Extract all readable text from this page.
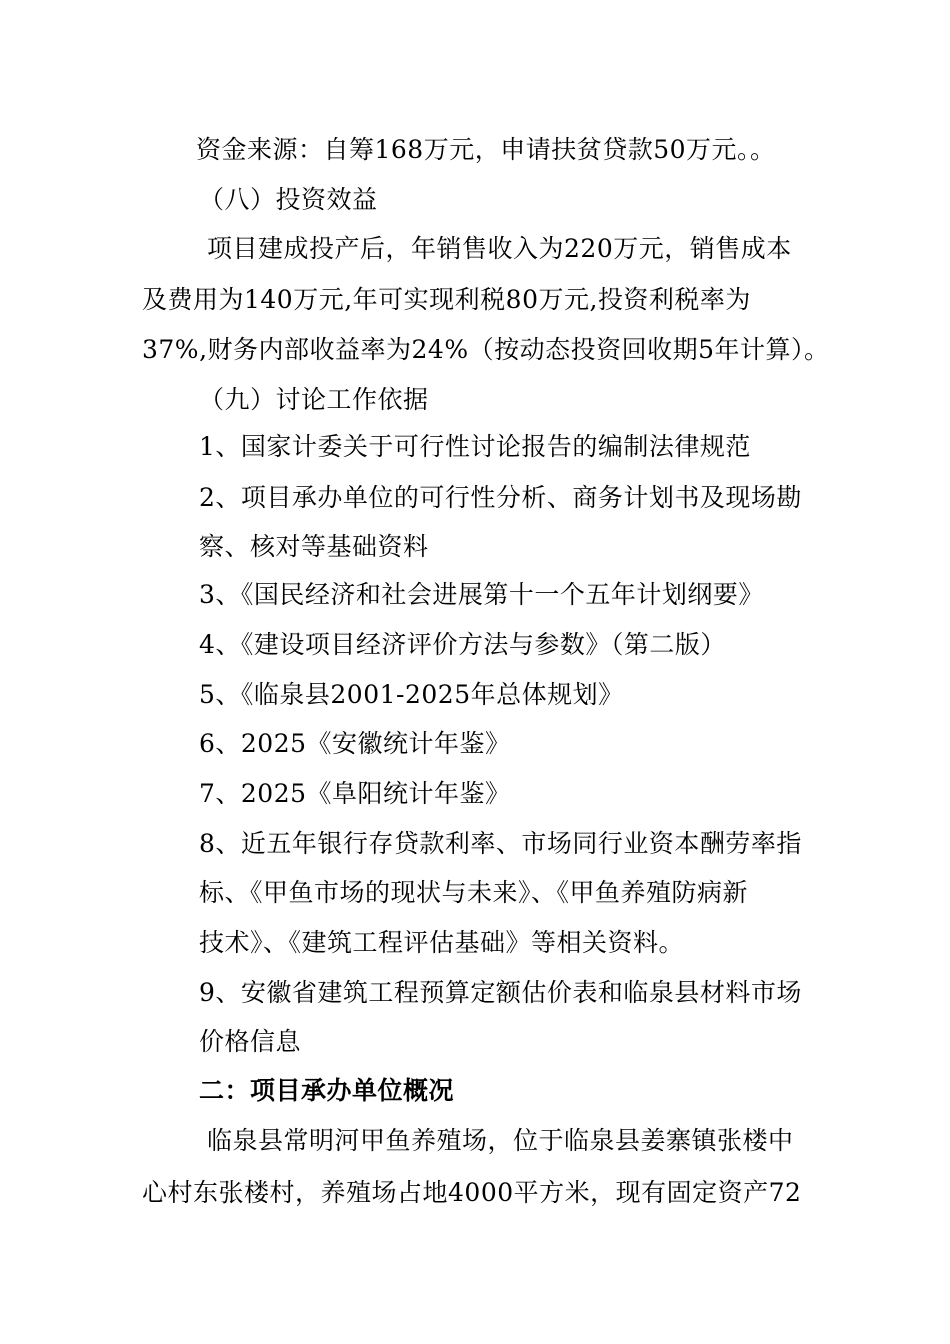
资金来源：自筹168万元，申请扶贫贷款50万元。。
（八）投资效益
项目建成投产后，年销售收入为220万元，销售成本
及费用为140万元,年可实现利税80万元,投资利税率为
37%,财务内部收益率为24%（按动态投资回收期5年计算）。
（九）讨论工作依据
1、国家计委关于可行性讨论报告的编制法律规范
2、项目承办单位的可行性分析、商务计划书及现场勘
察、核对等基础资料
3、《国民经济和社会进展第十一个五年计划纲要》
4、《建设项目经济评价方法与参数》（第二版）
5、《临泉县2001-2025年总体规划》
6、2025《安徽统计年鉴》
7、2025《阜阳统计年鉴》
8、近五年银行存贷款利率、市场同行业资本酬劳率指
标、《甲鱼市场的现状与未来》、《甲鱼养殖防病新
技术》、《建筑工程评估基础》等相关资料。
9、安徽省建筑工程预算定额估价表和临泉县材料市场
价格信息
二：项目承办单位概况
临泉县常明河甲鱼养殖场，位于临泉县姜寨镇张楼中
心村东张楼村，养殖场占地4000平方米，现有固定资产72
